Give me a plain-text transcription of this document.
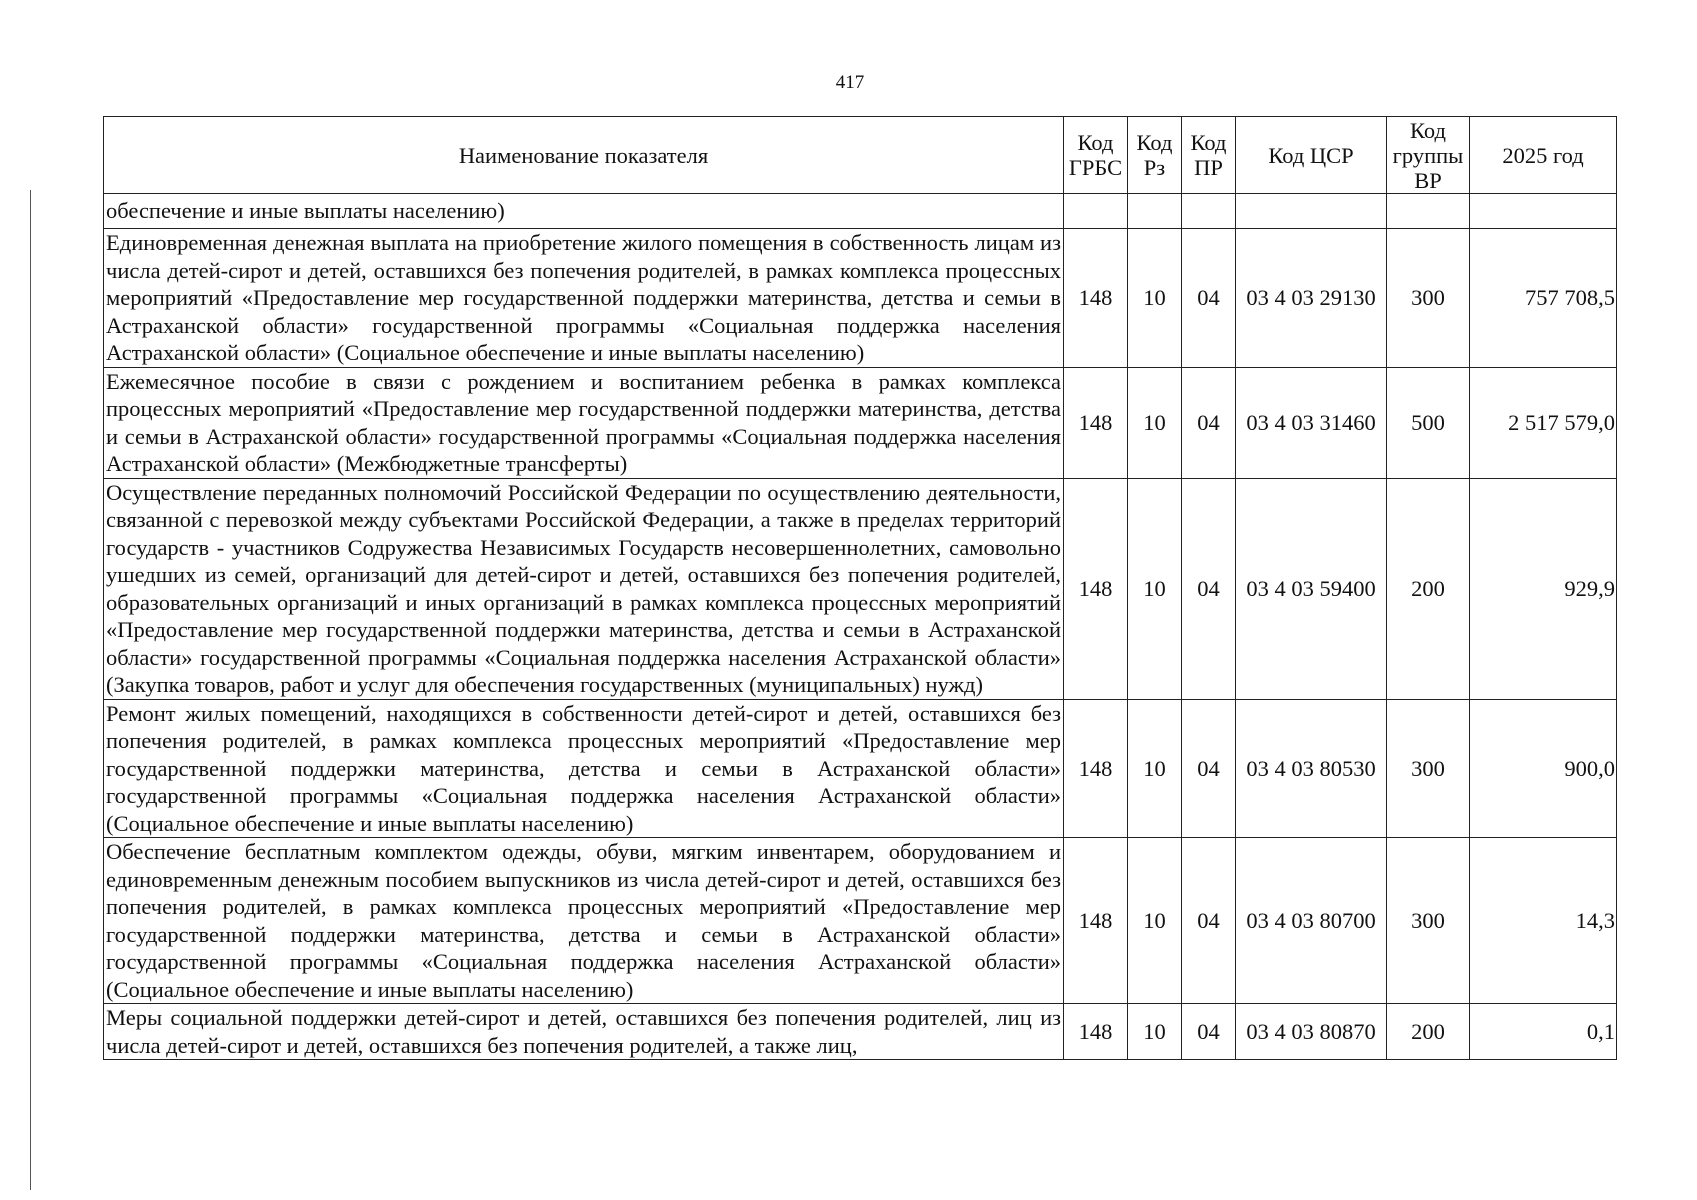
417
Наименование показателя	Код ГРБС	Код Рз	Код ПР	Код ЦСР	Код группы ВР	2025 год
обеспечение и иные выплаты населению)						
Единовременная денежная выплата на приобретение жилого помещения в собственность лицам из числа детей-сирот и детей, оставшихся без попечения родителей, в рамках комплекса процессных мероприятий «Предоставление мер государственной поддержки материнства, детства и семьи в Астраханской области» государственной программы «Социальная поддержка населения Астраханской области» (Социальное обеспечение и иные выплаты населению)	148	10	04	03 4 03 29130	300	757 708,5
Ежемесячное пособие в связи с рождением и воспитанием ребенка в рамках комплекса процессных мероприятий «Предоставление мер государственной поддержки материнства, детства и семьи в Астраханской области» государственной программы «Социальная поддержка населения Астраханской области» (Межбюджетные трансферты)	148	10	04	03 4 03 31460	500	2 517 579,0
Осуществление переданных полномочий Российской Федерации по осуществлению деятельности, связанной с перевозкой между субъектами Российской Федерации, а также в пределах территорий государств - участников Содружества Независимых Государств несовершеннолетних, самовольно ушедших из семей, организаций для детей-сирот и детей, оставшихся без попечения родителей, образовательных организаций и иных организаций в рамках комплекса процессных мероприятий «Предоставление мер государственной поддержки материнства, детства и семьи в Астраханской области» государственной программы «Социальная поддержка населения Астраханской области» (Закупка товаров, работ и услуг для обеспечения государственных (муниципальных) нужд)	148	10	04	03 4 03 59400	200	929,9
Ремонт жилых помещений, находящихся в собственности детей-сирот и детей, оставшихся без попечения родителей, в рамках комплекса процессных мероприятий «Предоставление мер государственной поддержки материнства, детства и семьи в Астраханской области» государственной программы «Социальная поддержка населения Астраханской области» (Социальное обеспечение и иные выплаты населению)	148	10	04	03 4 03 80530	300	900,0
Обеспечение бесплатным комплектом одежды, обуви, мягким инвентарем, оборудованием и единовременным денежным пособием выпускников из числа детей-сирот и детей, оставшихся без попечения родителей, в рамках комплекса процессных мероприятий «Предоставление мер государственной поддержки материнства, детства и семьи в Астраханской области» государственной программы «Социальная поддержка населения Астраханской области» (Социальное обеспечение и иные выплаты населению)	148	10	04	03 4 03 80700	300	14,3
Меры социальной поддержки детей-сирот и детей, оставшихся без попечения родителей, лиц из числа детей-сирот и детей, оставшихся без попечения родителей, а также лиц,	148	10	04	03 4 03 80870	200	0,1
